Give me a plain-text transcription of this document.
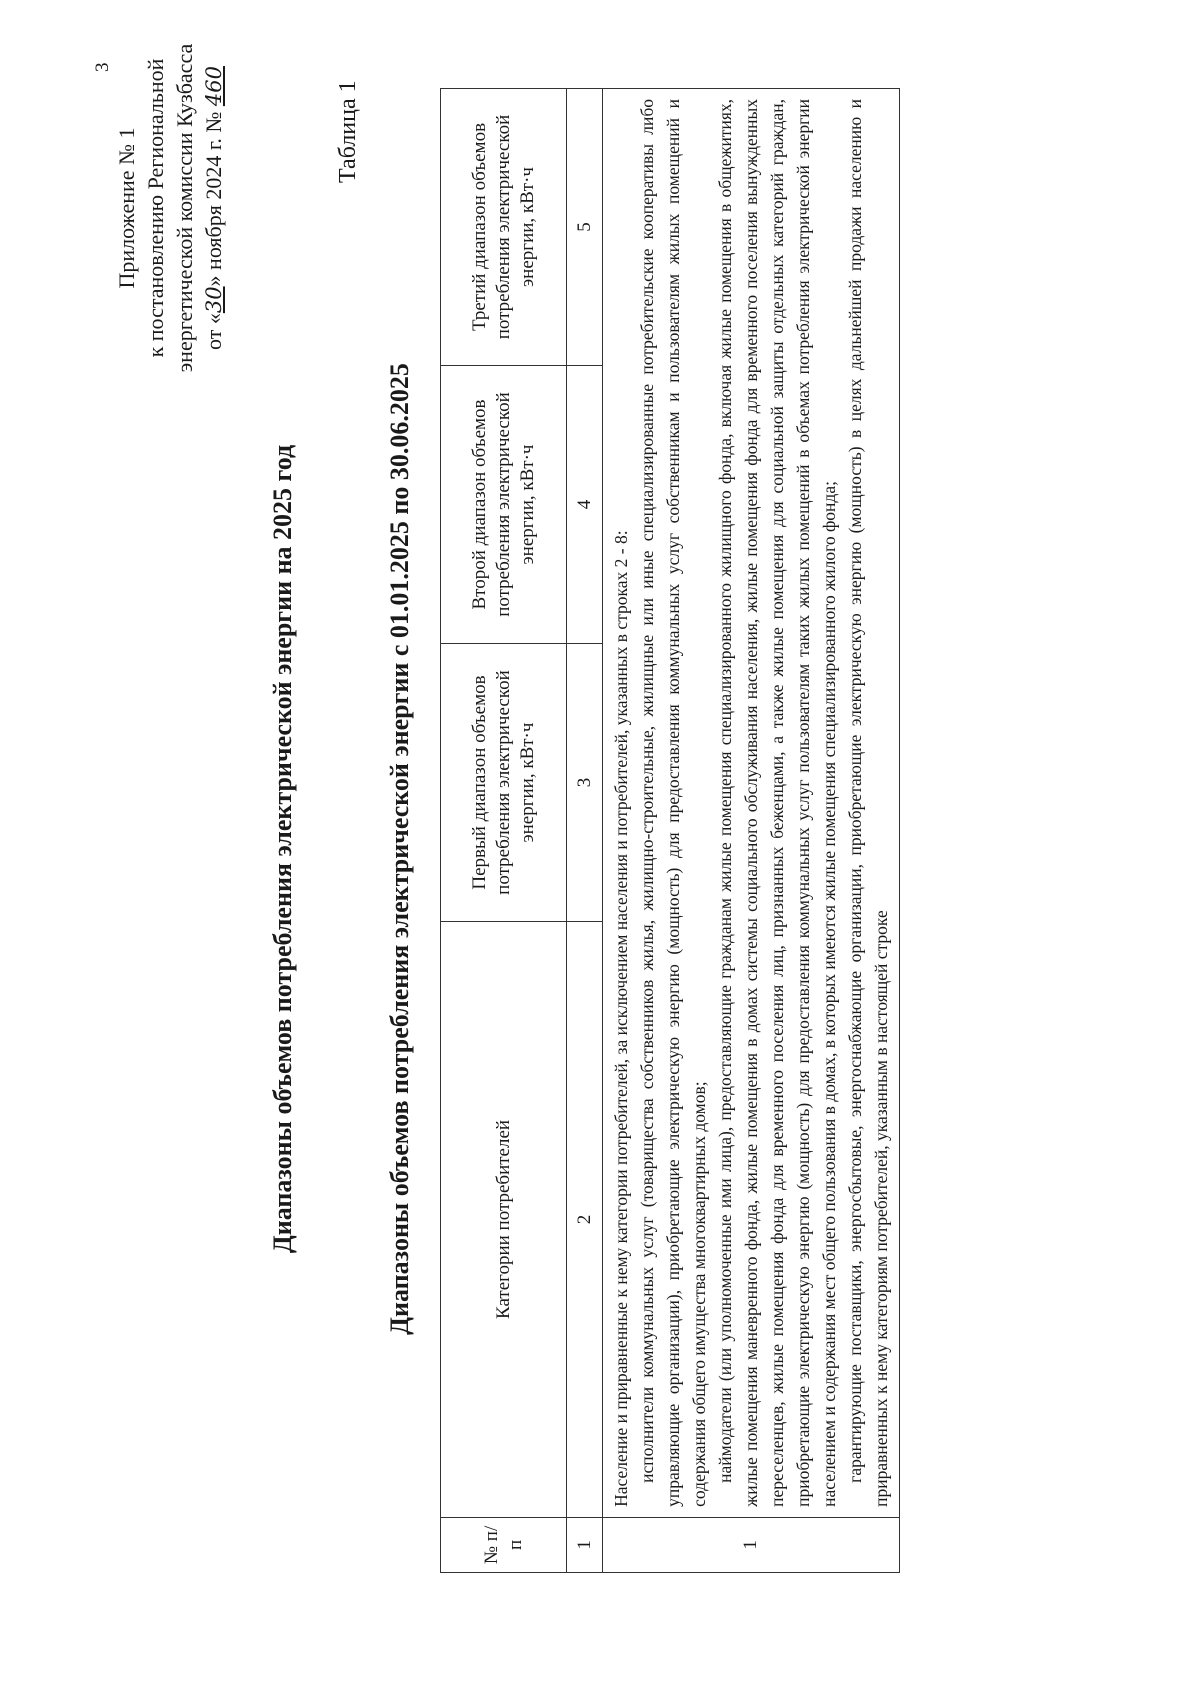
3
Приложение № 1 к постановлению Региональной энергетической комиссии Кузбасса от «30» ноября 2024 г. № 460	Таблица 1
Диапазоны объемов потребления электрической энергии на 2025 год	Диапазоны объемов потребления электрической энергии с 01.01.2025 по 30.06.2025
№ п/п	Категории потребителей	Первый диапазон объемов потребления электрической энергии, кВт·ч	Второй диапазон объемов потребления электрической энергии, кВт·ч	Третий диапазон объемов потребления электрической энергии, кВт·ч
1	2	3	4	5
1	Население и приравненные к нему категории потребителей, за исключением населения и потребителей, указанных в строках 2 - 8: исполнители коммунальных услуг (товарищества собственников жилья, жилищно-строительные, жилищные или иные специализированные потребительские кооперативы либо управляющие организации), приобретающие электрическую энергию (мощность) для предоставления коммунальных услуг собственникам и пользователям жилых помещений и содержания общего имущества многоквартирных домов; наймодатели (или уполномоченные ими лица), предоставляющие гражданам жилые помещения специализированного жилищного фонда, включая жилые помещения в общежитиях, жилые помещения маневренного фонда, жилые помещения в домах системы социального обслуживания населения, жилые помещения фонда для временного поселения вынужденных переселенцев, жилые помещения фонда для временного поселения лиц, признанных беженцами, а также жилые помещения для социальной защиты отдельных категорий граждан, приобретающие электрическую энергию (мощность) для предоставления коммунальных услуг пользователям таких жилых помещений в объемах потребления электрической энергии населением и содержания мест общего пользования в домах, в которых имеются жилые помещения специализированного жилого фонда; гарантирующие поставщики, энергосбытовые, энергоснабжающие организации, приобретающие электрическую энергию (мощность) в целях дальнейшей продажи населению и приравненных к нему категориям потребителей, указанным в настоящей строке			
